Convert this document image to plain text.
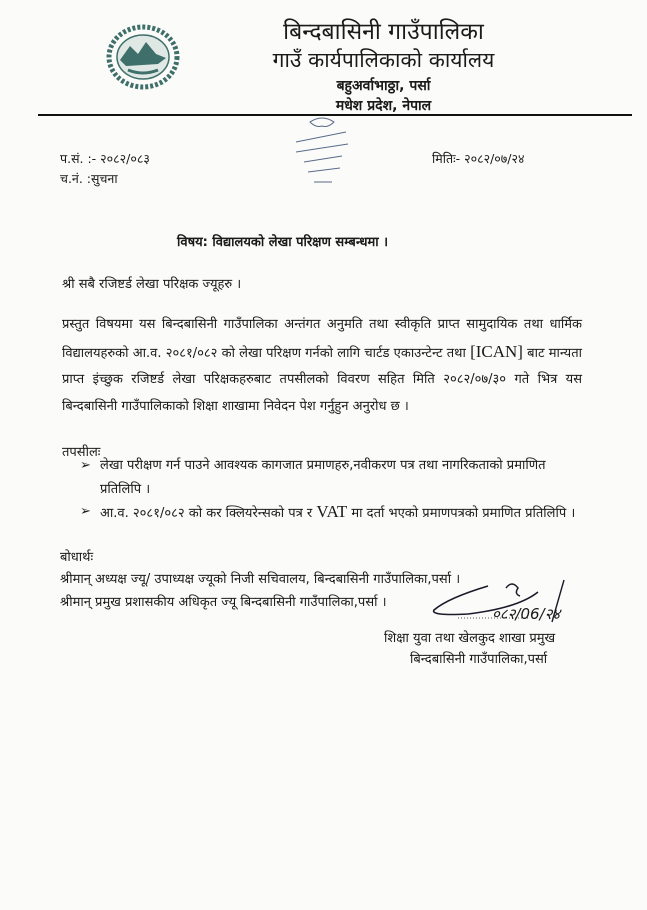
बिन्दबासिनी गाउँपालिका
गाउँ कार्यपालिकाको कार्यालय
बहुअर्वाभाठ्ठा, पर्सा
मधेश प्रदेश, नेपाल
प.सं. :- २०८२/०८३
च.नं. :सुचना
मितिः- २०८२/०७/२४
विषय: विद्यालयको लेखा परिक्षण सम्बन्धमा ।
श्री सबै रजिष्टर्ड लेखा परिक्षक ज्यूहरु ।
प्रस्तुत विषयमा यस बिन्दबासिनी गाउँपालिका अन्तंगत अनुमति तथा स्वीकृति प्राप्त सामुदायिक तथा धार्मिक विद्यालयहरुको आ.व. २०८१/०८२ को लेखा परिक्षण गर्नको लागि चार्टड एकाउन्टेन्ट तथा [ICAN] बाट मान्यता प्राप्त इंच्छुक रजिष्टर्ड लेखा परिक्षकहरुबाट तपसीलको विवरण सहित मिति २०८२/०७/३० गते भित्र यस बिन्दबासिनी गाउँपालिकाको शिक्षा शाखामा निवेदन पेश गर्नुहुन अनुरोध छ ।
तपसीलः
➢ लेखा परीक्षण गर्न पाउने आवश्यक कागजात प्रमाणहरु,नवीकरण पत्र तथा नागरिकताको प्रमाणित प्रतिलिपि ।
➢ आ.व. २०८१/०८२ को कर क्लियरेन्सको पत्र र VAT मा दर्ता भएको प्रमाणपत्रको प्रमाणित प्रतिलिपि ।
बोधार्थः
श्रीमान् अध्यक्ष ज्यू/ उपाध्यक्ष ज्यूको निजी सचिवालय, बिन्दबासिनी गाउँपालिका,पर्सा ।
श्रीमान् प्रमुख प्रशासकीय अधिकृत ज्यू बिन्दबासिनी गाउँपालिका,पर्सा ।
०८२/06/२४
शिक्षा युवा तथा खेलकुद शाखा प्रमुख
बिन्दबासिनी गाउँपालिका,पर्सा
